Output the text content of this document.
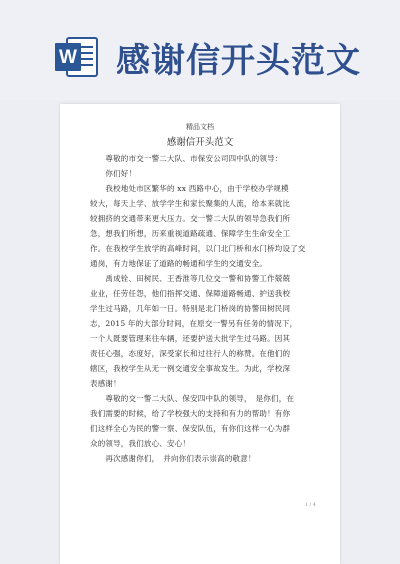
W 感谢信开头范文
精品文档
感谢信开头范文
　　尊敬的市交一警二大队、市保安公司四中队的领导：
　　你们好！
　　我校地处市区繁华的 xx 西路中心，由于学校办学规模
较大，每天上学、放学学生和家长聚集的人流，给本来就比
较拥挤的交通带来更大压力。交一警二大队的领导急我们所
急，想我们所想，历来重视道路疏通、保障学生生命安全工
作。在我校学生放学的高峰时间，以门北门桥和水门桥均设了交
通岗，有力地保证了道路的畅通和学生的交通安全。
　　禹成铨、田树民、王香淮等几位交一警和协警工作兢兢
业业，任劳任怨，他们指挥交通、保障道路畅通、护送我校
学生过马路，几年如一日。特别是北门桥岗的协警田树民同
志，2015 年的大部分时间，在原交一警另有任务的情况下，
一个人既要管理来往车辆，还要护送大批学生过马路。因其
责任心强，态度好，深受家长和过往行人的称赞。在他们的
辖区，我校学生从无一例交通安全事故发生。为此，学校深
表感谢！
　　尊敬的交一警二大队、保安四中队的领导，　是你们，在
我们需要的时候，给了学校强大的支持和有力的帮助！有你
们这样全心为民的警一察、保安队伍，有你们这样一心为群
众的领导，我们放心、安心！
　　再次感谢你们，　并向你们表示崇高的敬意！
1 / 4
